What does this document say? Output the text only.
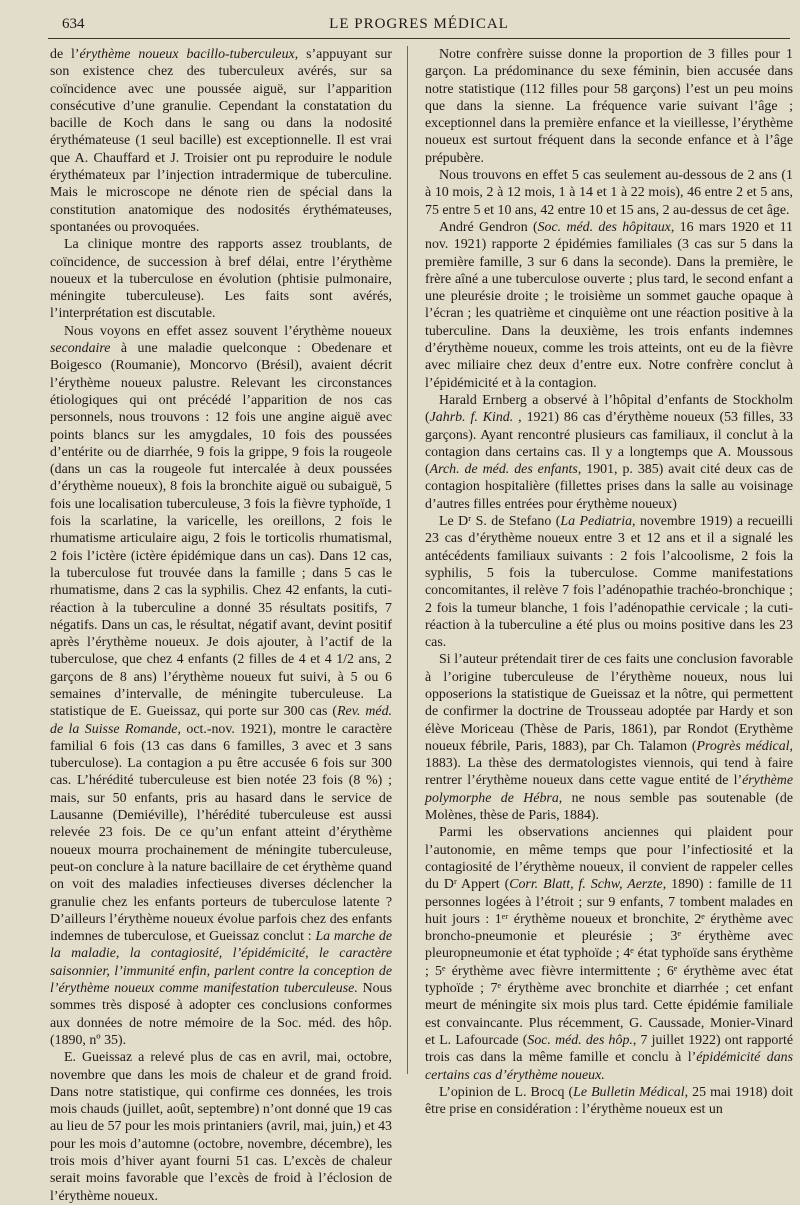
634	LE PROGRES MÉDICAL

de l’érythème noueux bacillo-tuberculeux, s’appuyant sur son existence chez des tuberculeux avérés, sur sa coïncidence avec une poussée aiguë, sur l’apparition consécutive d’une granulie. Cependant la constatation du bacille de Koch dans le sang ou dans la nodosité érythémateuse (1 seul bacille) est exceptionnelle. Il est vrai que A. Chauffard et J. Troisier ont pu reproduire le nodule érythémateux par l’injection intradermique de tuberculine. Mais le microscope ne dénote rien de spécial dans la constitution anatomique des nodosités érythémateuses, spontanées ou provoquées.

La clinique montre des rapports assez troublants, de coïncidence, de succession à bref délai, entre l’érythème noueux et la tuberculose en évolution (phtisie pulmonaire, méningite tuberculeuse). Les faits sont avérés, l’interprétation est discutable.

Nous voyons en effet assez souvent l’érythème noueux secondaire à une maladie quelconque : Obedenare et Boigesco (Roumanie), Moncorvo (Brésil), avaient décrit l’érythème noueux palustre. Relevant les circonstances étiologiques qui ont précédé l’apparition de nos cas personnels, nous trouvons : 12 fois une angine aiguë avec points blancs sur les amygdales, 10 fois des poussées d’entérite ou de diarrhée, 9 fois la grippe, 9 fois la rougeole (dans un cas la rougeole fut intercalée à deux poussées d’érythème noueux), 8 fois la bronchite aiguë ou subaiguë, 5 fois une localisation tuberculeuse, 3 fois la fièvre typhoïde, 1 fois la scarlatine, la varicelle, les oreillons, 2 fois le rhumatisme articulaire aigu, 2 fois le torticolis rhumatismal, 2 fois l’ictère (ictère épidémique dans un cas). Dans 12 cas, la tuberculose fut trouvée dans la famille ; dans 5 cas le rhumatisme, dans 2 cas la syphilis. Chez 42 enfants, la cuti-réaction à la tuberculine a donné 35 résultats positifs, 7 négatifs. Dans un cas, le résultat, négatif avant, devint positif après l’érythème noueux. Je dois ajouter, à l’actif de la tuberculose, que chez 4 enfants (2 filles de 4 et 4 1/2 ans, 2 garçons de 8 ans) l’érythème noueux fut suivi, à 5 ou 6 semaines d’intervalle, de méningite tuberculeuse. La statistique de E. Gueissaz, qui porte sur 300 cas (Rev. méd. de la Suisse Romande, oct.-nov. 1921), montre le caractère familial 6 fois (13 cas dans 6 familles, 3 avec et 3 sans tuberculose). La contagion a pu être accusée 6 fois sur 300 cas. L’hérédité tuberculeuse est bien notée 23 fois (8 %) ; mais, sur 50 enfants, pris au hasard dans le service de Lausanne (Demiéville), l’hérédité tuberculeuse est aussi relevée 23 fois. De ce qu’un enfant atteint d’érythème noueux mourra prochainement de méningite tuberculeuse, peut-on conclure à la nature bacillaire de cet érythème quand on voit des maladies infectieuses diverses déclencher la granulie chez les enfants porteurs de tuberculose latente ? D’ailleurs l’érythème noueux évolue parfois chez des enfants indemnes de tuberculose, et Gueissaz conclut : La marche de la maladie, la contagiosité, l’épidémicité, le caractère saisonnier, l’immunité enfin, parlent contre la conception de l’érythème noueux comme manifestation tuberculeuse. Nous sommes très disposé à adopter ces conclusions conformes aux données de notre mémoire de la Soc. méd. des hôp. (1890, nº 35).

E. Gueissaz a relevé plus de cas en avril, mai, octobre, novembre que dans les mois de chaleur et de grand froid. Dans notre statistique, qui confirme ces données, les trois mois chauds (juillet, août, septembre) n’ont donné que 19 cas au lieu de 57 pour les mois printaniers (avril, mai, juin,) et 43 pour les mois d’automne (octobre, novembre, décembre), les trois mois d’hiver ayant fourni 51 cas. L’excès de chaleur serait moins favorable que l’excès de froid à l’éclosion de l’érythème noueux.

Notre confrère suisse donne la proportion de 3 filles pour 1 garçon. La prédominance du sexe féminin, bien accusée dans notre statistique (112 filles pour 58 garçons) l’est un peu moins que dans la sienne. La fréquence varie suivant l’âge ; exceptionnel dans la première enfance et la vieillesse, l’érythème noueux est surtout fréquent dans la seconde enfance et à l’âge prépubère.

Nous trouvons en effet 5 cas seulement au-dessous de 2 ans (1 à 10 mois, 2 à 12 mois, 1 à 14 et 1 à 22 mois), 46 entre 2 et 5 ans, 75 entre 5 et 10 ans, 42 entre 10 et 15 ans, 2 au-dessus de cet âge.

André Gendron (Soc. méd. des hôpitaux, 16 mars 1920 et 11 nov. 1921) rapporte 2 épidémies familiales (3 cas sur 5 dans la première famille, 3 sur 6 dans la seconde). Dans la première, le frère aîné a une tuberculose ouverte ; plus tard, le second enfant a une pleurésie droite ; le troisième un sommet gauche opaque à l’écran ; les quatrième et cinquième ont une réaction positive à la tuberculine. Dans la deuxième, les trois enfants indemnes d’érythème noueux, comme les trois atteints, ont eu de la fièvre avec miliaire chez deux d’entre eux. Notre confrère conclut à l’épidémicité et à la contagion.

Harald Ernberg a observé à l’hôpital d’enfants de Stockholm (Jahrb. f. Kind. , 1921) 86 cas d’érythème noueux (53 filles, 33 garçons). Ayant rencontré plusieurs cas familiaux, il conclut à la contagion dans certains cas. Il y a longtemps que A. Moussous (Arch. de méd. des enfants, 1901, p. 385) avait cité deux cas de contagion hospitalière (fillettes prises dans la salle au voisinage d’autres filles entrées pour érythème noueux)

Le Dʳ S. de Stefano (La Pediatria, novembre 1919) a recueilli 23 cas d’érythème noueux entre 3 et 12 ans et il a signalé les antécédents familiaux suivants : 2 fois l’alcoolisme, 2 fois la syphilis, 5 fois la tuberculose. Comme manifestations concomitantes, il relève 7 fois l’adénopathie trachéo-bronchique ; 2 fois la tumeur blanche, 1 fois l’adénopathie cervicale ; la cuti-réaction à la tuberculine a été plus ou moins positive dans les 23 cas.

Si l’auteur prétendait tirer de ces faits une conclusion favorable à l’origine tuberculeuse de l’érythème noueux, nous lui opposerions la statistique de Gueissaz et la nôtre, qui permettent de confirmer la doctrine de Trousseau adoptée par Hardy et son élève Moriceau (Thèse de Paris, 1861), par Rondot (Erythème noueux fébrile, Paris, 1883), par Ch. Talamon (Progrès médical, 1883). La thèse des dermatologistes viennois, qui tend à faire rentrer l’érythème noueux dans cette vague entité de l’érythème polymorphe de Hébra, ne nous semble pas soutenable (de Molènes, thèse de Paris, 1884).

Parmi les observations anciennes qui plaident pour l’autonomie, en même temps que pour l’infectiosité et la contagiosité de l’érythème noueux, il convient de rappeler celles du Dʳ Appert (Corr. Blatt, f. Schw, Aerzte, 1890) : famille de 11 personnes logées à l’étroit ; sur 9 enfants, 7 tombent malades en huit jours : 1ᵉʳ érythème noueux et bronchite, 2ᵉ érythème avec broncho-pneumonie et pleurésie ; 3ᵉ érythème avec pleuropneumonie et état typhoïde ; 4ᵉ état typhoïde sans érythème ; 5ᵉ érythème avec fièvre intermittente ; 6ᵉ érythème avec état typhoïde ; 7ᵉ érythème avec bronchite et diarrhée ; cet enfant meurt de méningite six mois plus tard. Cette épidémie familiale est convaincante. Plus récemment, G. Caussade, Monier-Vinard et L. Lafourcade (Soc. méd. des hôp., 7 juillet 1922) ont rapporté trois cas dans la même famille et conclu à l’épidémicité dans certains cas d’érythème noueux.

L’opinion de L. Brocq (Le Bulletin Médical, 25 mai 1918) doit être prise en considération : l’érythème noueux est un
